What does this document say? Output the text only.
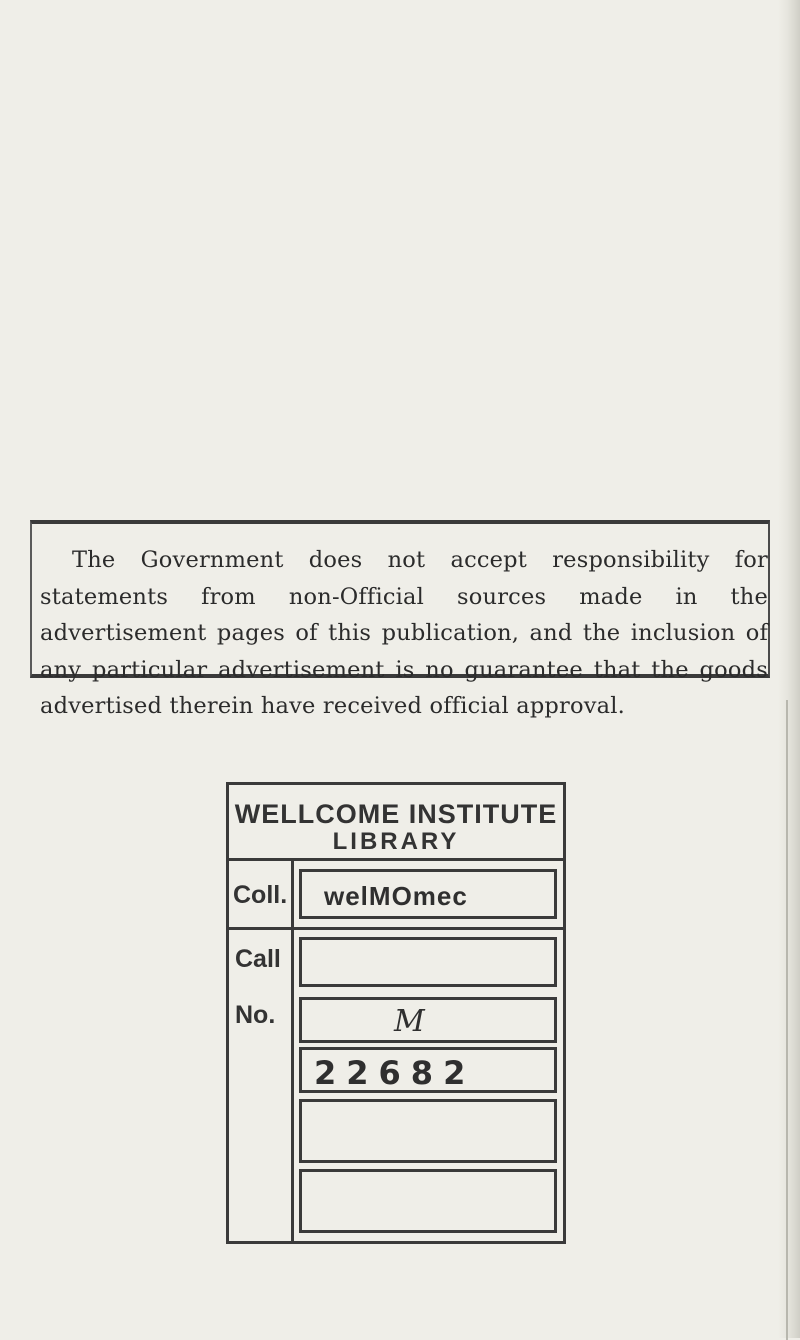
The Government does not accept responsibility for statements from non-Official sources made in the advertisement pages of this publication, and the inclusion of any particular advertisement is no guarantee that the goods advertised therein have received official approval.
WELLCOME INSTITUTE
LIBRARY
Coll. welMOmec
Call
No.	M
22682
